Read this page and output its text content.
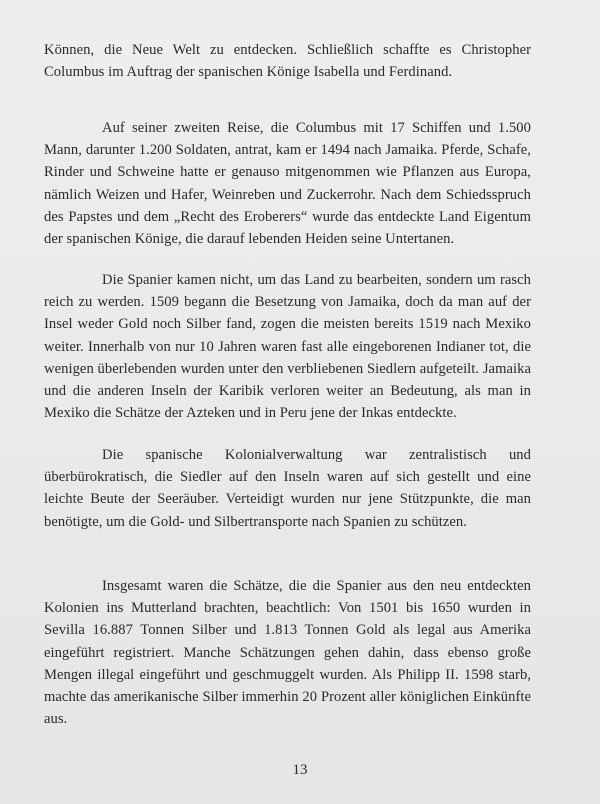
Können, die Neue Welt zu entdecken. Schließlich schaffte es Christopher Columbus im Auftrag der spanischen Könige Isabella und Ferdinand.

Auf seiner zweiten Reise, die Columbus mit 17 Schiffen und 1.500 Mann, darunter 1.200 Soldaten, antrat, kam er 1494 nach Jamaika. Pferde, Schafe, Rinder und Schweine hatte er genauso mitgenommen wie Pflanzen aus Europa, nämlich Weizen und Hafer, Weinreben und Zuckerrohr. Nach dem Schiedsspruch des Papstes und dem „Recht des Eroberers“ wurde das entdeckte Land Eigentum der spanischen Könige, die darauf lebenden Heiden seine Untertanen.

Die Spanier kamen nicht, um das Land zu bearbeiten, sondern um rasch reich zu werden. 1509 begann die Besetzung von Jamaika, doch da man auf der Insel weder Gold noch Silber fand, zogen die meisten bereits 1519 nach Mexiko weiter. Innerhalb von nur 10 Jahren waren fast alle eingeborenen Indianer tot, die wenigen überlebenden wurden unter den verbliebenen Siedlern aufgeteilt. Jamaika und die anderen Inseln der Karibik verloren weiter an Bedeutung, als man in Mexiko die Schätze der Azteken und in Peru jene der Inkas entdeckte.

Die spanische Kolonialverwaltung war zentralistisch und überbürokratisch, die Siedler auf den Inseln waren auf sich gestellt und eine leichte Beute der Seeräuber. Verteidigt wurden nur jene Stützpunkte, die man benötigte, um die Gold- und Silbertransporte nach Spanien zu schützen.

Insgesamt waren die Schätze, die die Spanier aus den neu entdeckten Kolonien ins Mutterland brachten, beachtlich: Von 1501 bis 1650 wurden in Sevilla 16.887 Tonnen Silber und 1.813 Tonnen Gold als legal aus Amerika eingeführt registriert. Manche Schätzungen gehen dahin, dass ebenso große Mengen illegal eingeführt und geschmuggelt wurden. Als Philipp II. 1598 starb, machte das amerikanische Silber immerhin 20 Prozent aller königlichen Einkünfte aus.

13
